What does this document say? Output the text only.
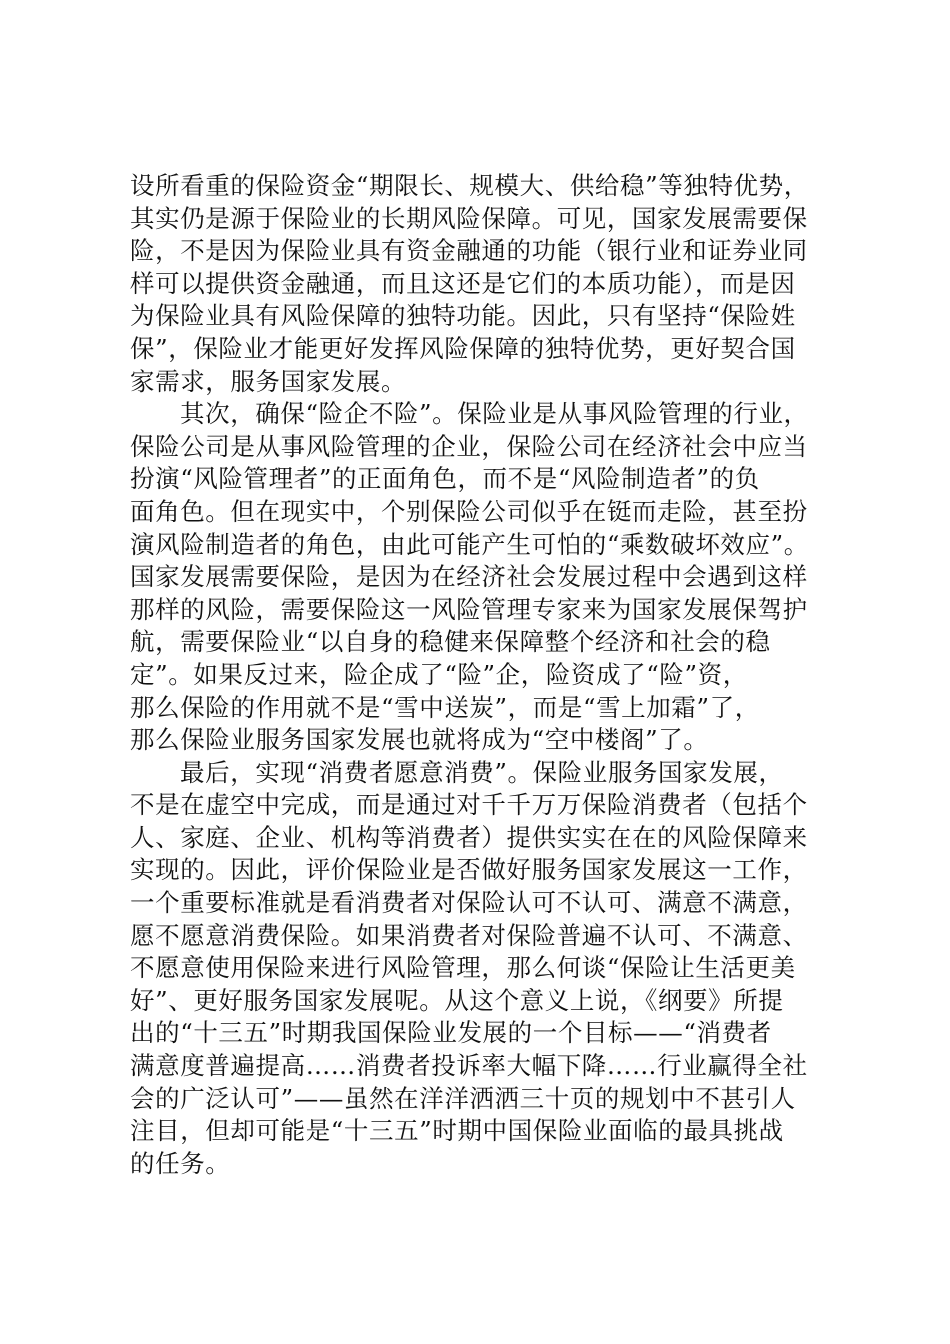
设所看重的保险资金“期限长、规模大、供给稳”等独特优势，
其实仍是源于保险业的长期风险保障。可见，国家发展需要保
险，不是因为保险业具有资金融通的功能（银行业和证券业同
样可以提供资金融通，而且这还是它们的本质功能），而是因
为保险业具有风险保障的独特功能。因此，只有坚持“保险姓
保”，保险业才能更好发挥风险保障的独特优势，更好契合国
家需求，服务国家发展。
其次，确保“险企不险”。保险业是从事风险管理的行业，
保险公司是从事风险管理的企业，保险公司在经济社会中应当
扮演“风险管理者”的正面角色，而不是“风险制造者”的负
面角色。但在现实中，个别保险公司似乎在铤而走险，甚至扮
演风险制造者的角色，由此可能产生可怕的“乘数破坏效应”。
国家发展需要保险，是因为在经济社会发展过程中会遇到这样
那样的风险，需要保险这一风险管理专家来为国家发展保驾护
航，需要保险业“以自身的稳健来保障整个经济和社会的稳
定”。如果反过来，险企成了“险”企，险资成了“险”资，
那么保险的作用就不是“雪中送炭”，而是“雪上加霜”了，
那么保险业服务国家发展也就将成为“空中楼阁”了。
最后，实现“消费者愿意消费”。保险业服务国家发展，
不是在虚空中完成，而是通过对千千万万保险消费者（包括个
人、家庭、企业、机构等消费者）提供实实在在的风险保障来
实现的。因此，评价保险业是否做好服务国家发展这一工作，
一个重要标准就是看消费者对保险认可不认可、满意不满意，
愿不愿意消费保险。如果消费者对保险普遍不认可、不满意、
不愿意使用保险来进行风险管理，那么何谈“保险让生活更美
好”、更好服务国家发展呢。从这个意义上说，《纲要》所提
出的“十三五”时期我国保险业发展的一个目标——“消费者
满意度普遍提高……消费者投诉率大幅下降……行业赢得全社
会的广泛认可”——虽然在洋洋洒洒三十页的规划中不甚引人
注目，但却可能是“十三五”时期中国保险业面临的最具挑战
的任务。
